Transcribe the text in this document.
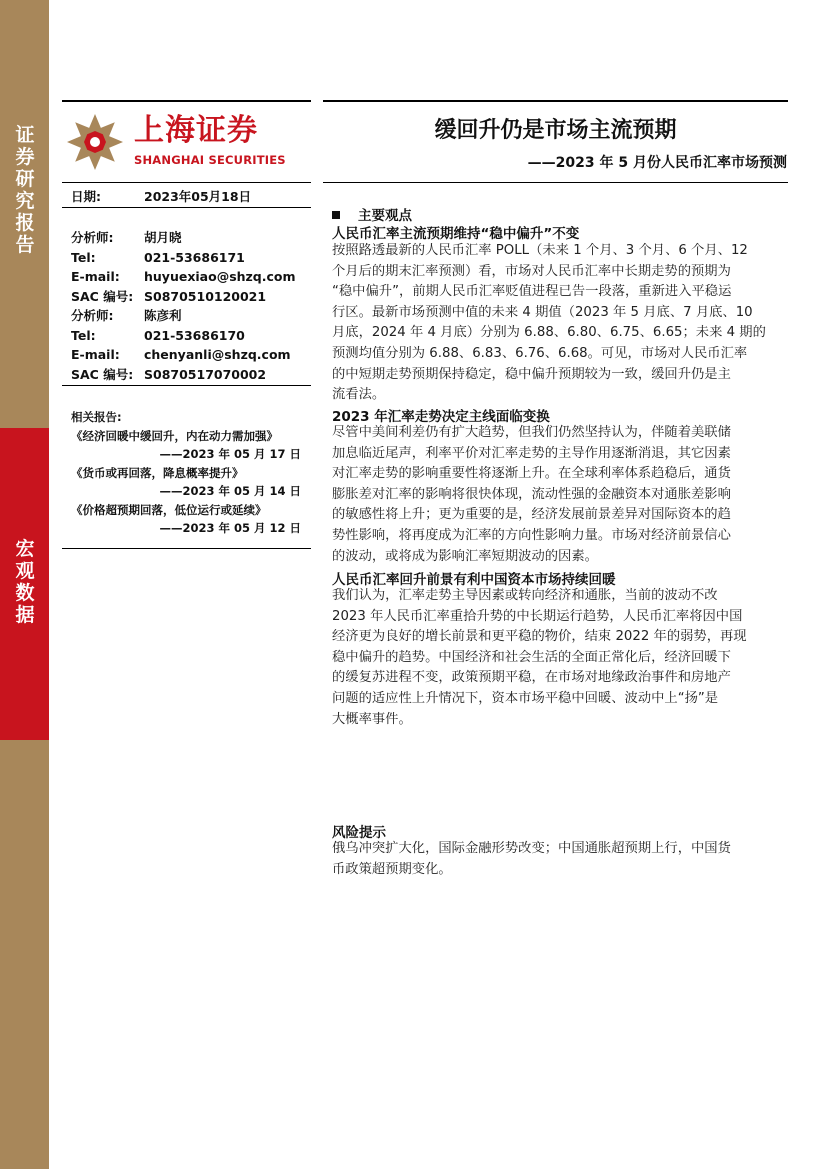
证券研究报告
宏观数据
上海证券
SHANGHAI SECURITIES
缓回升仍是市场主流预期
——2023 年 5 月份人民币汇率市场预测
日期:	2023年05月18日
分析师: 胡月晓
Tel:	021-53686171
E-mail: huyuexiao@shzq.com
SAC 编号: S0870510120021
分析师: 陈彦利
Tel:	021-53686170
E-mail: chenyanli@shzq.com
SAC 编号: S0870517070002
相关报告:
《经济回暖中缓回升，内在动力需加强》
——2023 年 05 月 17 日
《货币或再回落，降息概率提升》
——2023 年 05 月 14 日
《价格超预期回落，低位运行或延续》
——2023 年 05 月 12 日
主要观点
人民币汇率主流预期维持“稳中偏升”不变
按照路透最新的人民币汇率 POLL（未来 1 个月、3 个月、6 个月、12
个月后的期末汇率预测）看，市场对人民币汇率中长期走势的预期为
“稳中偏升”，前期人民币汇率贬值进程已告一段落，重新进入平稳运
行区。最新市场预测中值的未来 4 期值（2023 年 5 月底、7 月底、10
月底，2024 年 4 月底）分别为 6.88、6.80、6.75、6.65；未来 4 期的
预测均值分别为 6.88、6.83、6.76、6.68。可见，市场对人民币汇率
的中短期走势预期保持稳定，稳中偏升预期较为一致，缓回升仍是主
流看法。
2023 年汇率走势决定主线面临变换
尽管中美间利差仍有扩大趋势，但我们仍然坚持认为，伴随着美联储
加息临近尾声，利率平价对汇率走势的主导作用逐渐消退，其它因素
对汇率走势的影响重要性将逐渐上升。在全球利率体系趋稳后，通货
膨胀差对汇率的影响将很快体现，流动性强的金融资本对通胀差影响
的敏感性将上升；更为重要的是，经济发展前景差异对国际资本的趋
势性影响，将再度成为汇率的方向性影响力量。市场对经济前景信心
的波动，或将成为影响汇率短期波动的因素。
人民币汇率回升前景有利中国资本市场持续回暖
我们认为，汇率走势主导因素或转向经济和通胀，当前的波动不改
2023 年人民币汇率重拾升势的中长期运行趋势，人民币汇率将因中国
经济更为良好的增长前景和更平稳的物价，结束 2022 年的弱势，再现
稳中偏升的趋势。中国经济和社会生活的全面正常化后，经济回暖下
的缓复苏进程不变，政策预期平稳，在市场对地缘政治事件和房地产
问题的适应性上升情况下，资本市场平稳中回暖、波动中上“扬”是
大概率事件。
风险提示
俄乌冲突扩大化，国际金融形势改变；中国通胀超预期上行，中国货
币政策超预期变化。
